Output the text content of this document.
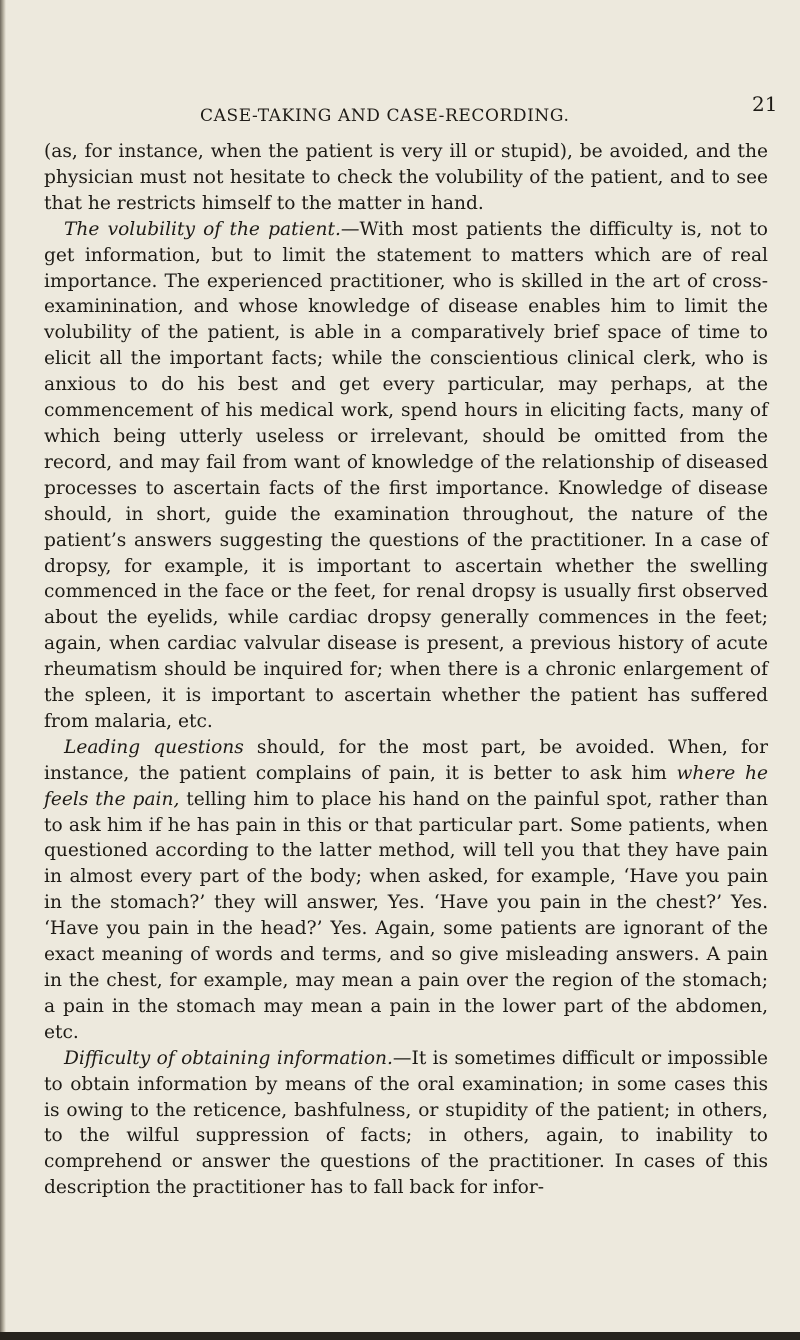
CASE-TAKING AND CASE-RECORDING.	21

(as, for instance, when the patient is very ill or stupid), be avoided, and the physician must not hesitate to check the volubility of the patient, and to see that he restricts himself to the matter in hand.

The volubility of the patient.—With most patients the difficulty is, not to get information, but to limit the statement to matters which are of real importance. The experienced practitioner, who is skilled in the art of cross-examinination, and whose knowledge of disease enables him to limit the volubility of the patient, is able in a comparatively brief space of time to elicit all the important facts; while the conscientious clinical clerk, who is anxious to do his best and get every particular, may perhaps, at the commencement of his medical work, spend hours in eliciting facts, many of which being utterly useless or irrelevant, should be omitted from the record, and may fail from want of knowledge of the relationship of diseased processes to ascertain facts of the first importance. Knowledge of disease should, in short, guide the examination throughout, the nature of the patient’s answers suggesting the questions of the practitioner. In a case of dropsy, for example, it is important to ascertain whether the swelling commenced in the face or the feet, for renal dropsy is usually first observed about the eyelids, while cardiac dropsy generally commences in the feet; again, when cardiac valvular disease is present, a previous history of acute rheumatism should be inquired for; when there is a chronic enlargement of the spleen, it is important to ascertain whether the patient has suffered from malaria, etc.

Leading questions should, for the most part, be avoided. When, for instance, the patient complains of pain, it is better to ask him where he feels the pain, telling him to place his hand on the painful spot, rather than to ask him if he has pain in this or that particular part. Some patients, when questioned according to the latter method, will tell you that they have pain in almost every part of the body; when asked, for example, ‘Have you pain in the stomach?’ they will answer, Yes. ‘Have you pain in the chest?’ Yes. ‘Have you pain in the head?’ Yes. Again, some patients are ignorant of the exact meaning of words and terms, and so give misleading answers. A pain in the chest, for example, may mean a pain over the region of the stomach; a pain in the stomach may mean a pain in the lower part of the abdomen, etc.

Difficulty of obtaining information.—It is sometimes difficult or impossible to obtain information by means of the oral examination; in some cases this is owing to the reticence, bashfulness, or stupidity of the patient; in others, to the wilful suppression of facts; in others, again, to inability to comprehend or answer the questions of the practitioner. In cases of this description the practitioner has to fall back for infor-
